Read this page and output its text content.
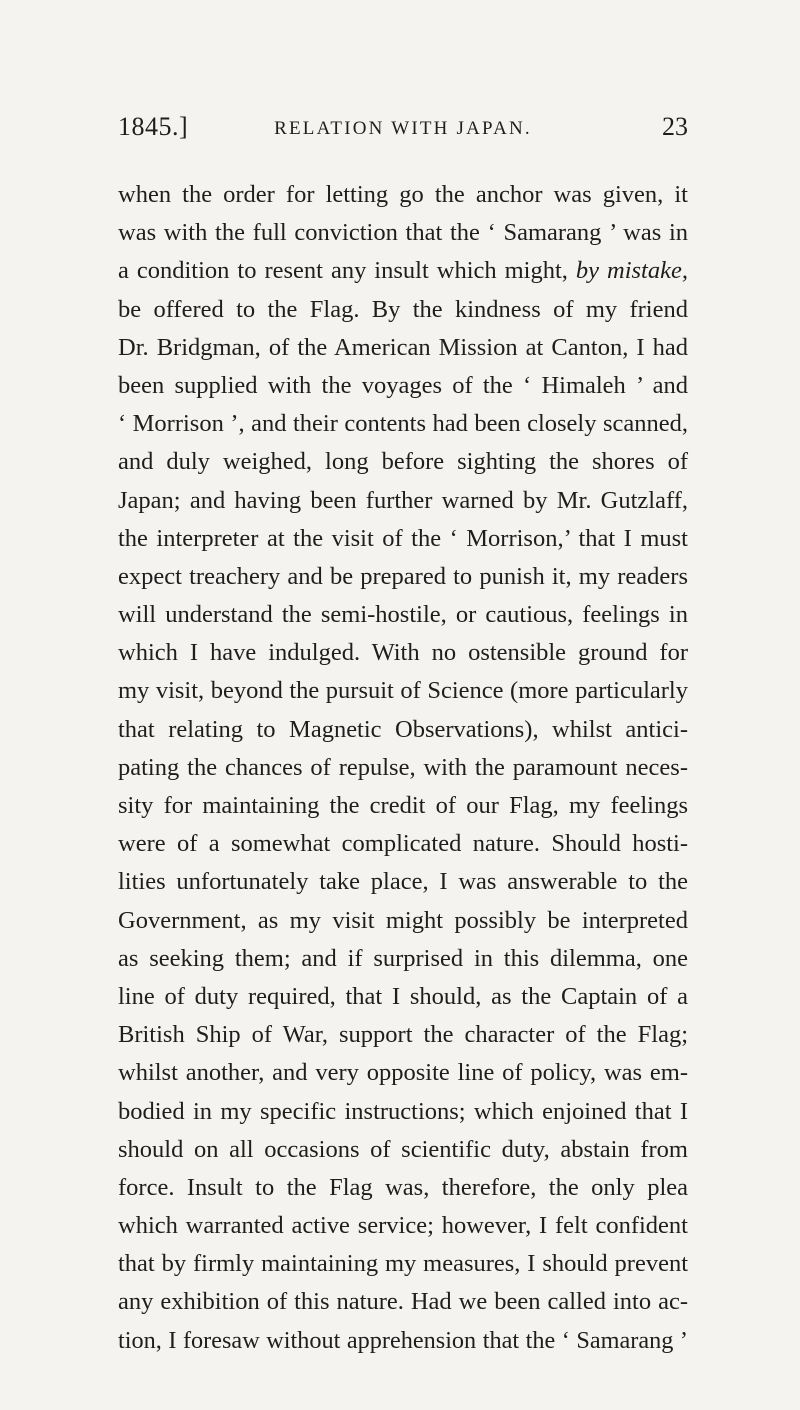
1845.]	RELATION WITH JAPAN.	23
when the order for letting go the anchor was given, it
was with the full conviction that the ‘ Samarang ’ was in
a condition to resent any insult which might, by mistake,
be offered to the Flag. By the kindness of my friend
Dr. Bridgman, of the American Mission at Canton, I had
been supplied with the voyages of the ‘ Himaleh ’ and
‘ Morrison ’, and their contents had been closely scanned,
and duly weighed, long before sighting the shores of
Japan; and having been further warned by Mr. Gutzlaff,
the interpreter at the visit of the ‘ Morrison,’ that I must
expect treachery and be prepared to punish it, my readers
will understand the semi-hostile, or cautious, feelings in
which I have indulged. With no ostensible ground for
my visit, beyond the pursuit of Science (more particularly
that relating to Magnetic Observations), whilst antici-
pating the chances of repulse, with the paramount neces-
sity for maintaining the credit of our Flag, my feelings
were of a somewhat complicated nature. Should hosti-
lities unfortunately take place, I was answerable to the
Government, as my visit might possibly be interpreted
as seeking them; and if surprised in this dilemma, one
line of duty required, that I should, as the Captain of a
British Ship of War, support the character of the Flag;
whilst another, and very opposite line of policy, was em-
bodied in my specific instructions; which enjoined that I
should on all occasions of scientific duty, abstain from
force. Insult to the Flag was, therefore, the only plea
which warranted active service; however, I felt confident
that by firmly maintaining my measures, I should prevent
any exhibition of this nature. Had we been called into ac-
tion, I foresaw without apprehension that the ‘ Samarang ’
